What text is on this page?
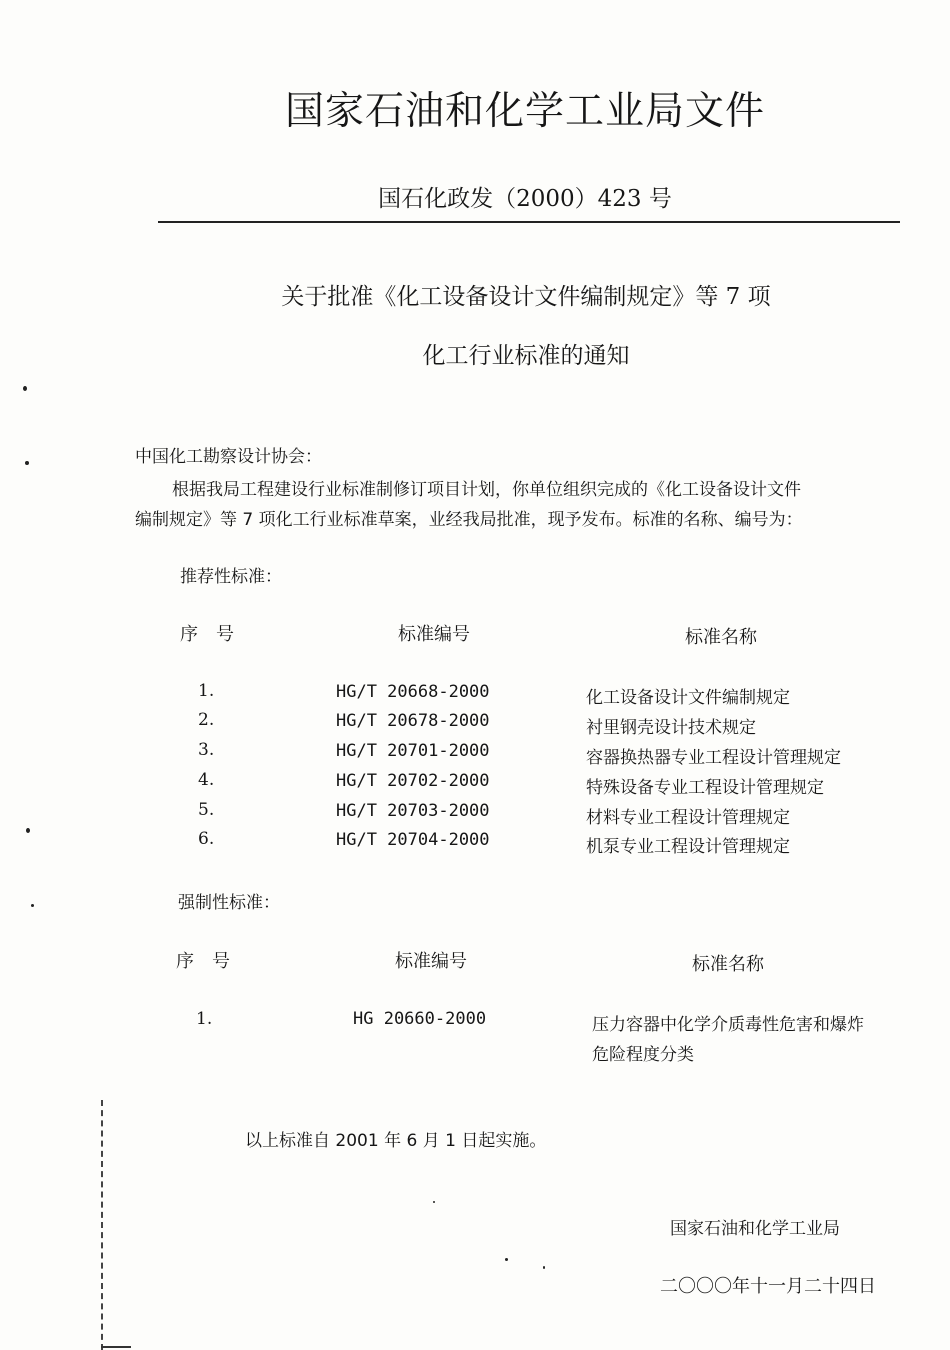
国家石油和化学工业局文件
国石化政发（2000）423 号
关于批准《化工设备设计文件编制规定》等 7 项
化工行业标准的通知
中国化工勘察设计协会：
根据我局工程建设行业标准制修订项目计划，你单位组织完成的《化工设备设计文件
编制规定》等 7 项化工行业标准草案，业经我局批准，现予发布。标准的名称、编号为：
推荐性标准：
序　号	标准编号	标准名称
1.	HG/T 20668-2000	化工设备设计文件编制规定
2.	HG/T 20678-2000	衬里钢壳设计技术规定
3.	HG/T 20701-2000	容器换热器专业工程设计管理规定
4.	HG/T 20702-2000	特殊设备专业工程设计管理规定
5.	HG/T 20703-2000	材料专业工程设计管理规定
6.	HG/T 20704-2000	机泵专业工程设计管理规定
强制性标准：
序　号	标准编号	标准名称
1.	HG 20660-2000	压力容器中化学介质毒性危害和爆炸
危险程度分类
以上标准自 2001 年 6 月 1 日起实施。
国家石油和化学工业局
二〇〇〇年十一月二十四日
